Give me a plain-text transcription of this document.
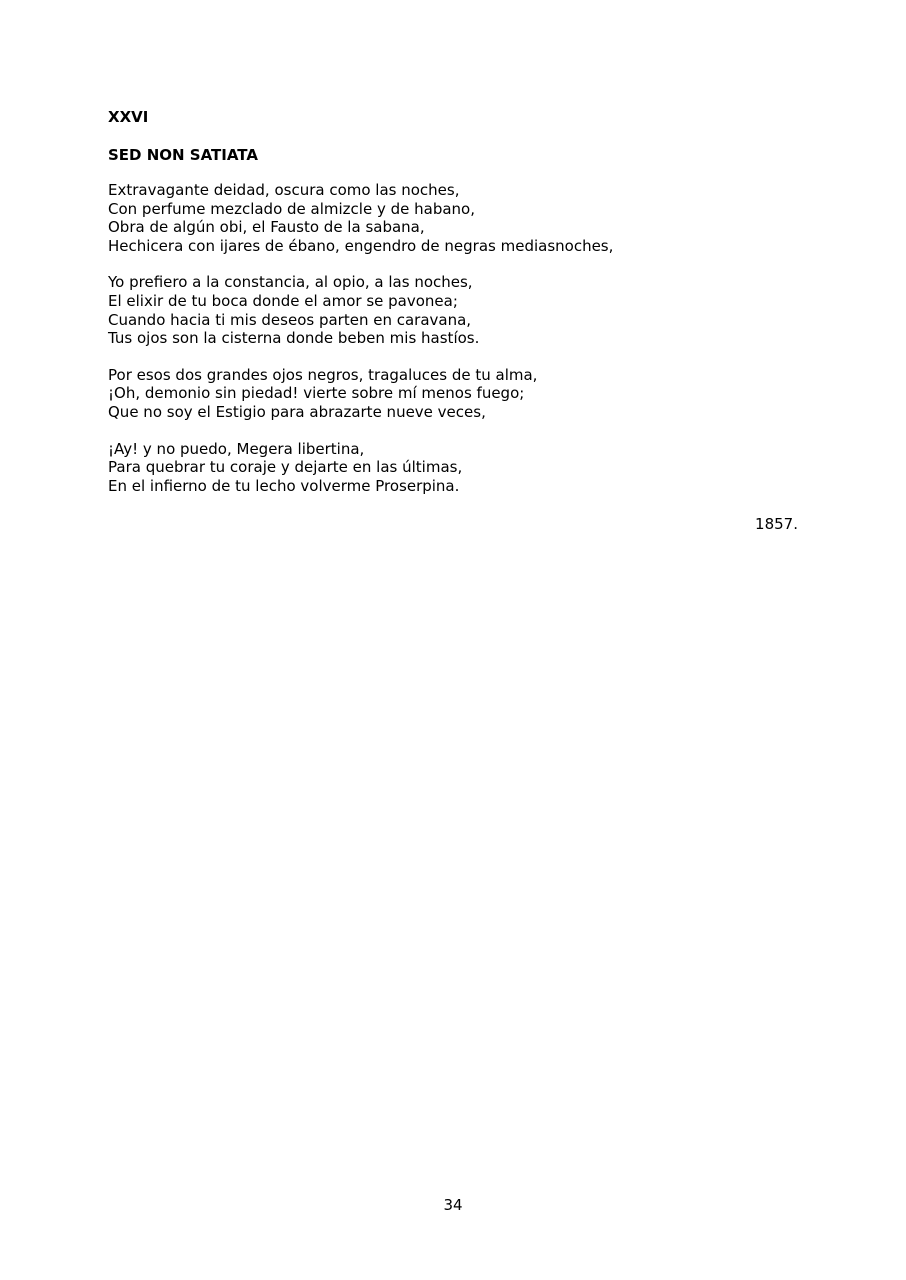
XXVI
SED NON SATIATA
Extravagante deidad, oscura como las noches,
Con perfume mezclado de almizcle y de habano,
Obra de algún obi, el Fausto de la sabana,
Hechicera con ijares de ébano, engendro de negras mediasnoches,
Yo prefiero a la constancia, al opio, a las noches,
El elixir de tu boca donde el amor se pavonea;
Cuando hacia ti mis deseos parten en caravana,
Tus ojos son la cisterna donde beben mis hastíos.
Por esos dos grandes ojos negros, tragaluces de tu alma,
¡Oh, demonio sin piedad! vierte sobre mí menos fuego;
Que no soy el Estigio para abrazarte nueve veces,
¡Ay! y no puedo, Megera libertina,
Para quebrar tu coraje y dejarte en las últimas,
En el infierno de tu lecho volverme Proserpina.
1857.
34
